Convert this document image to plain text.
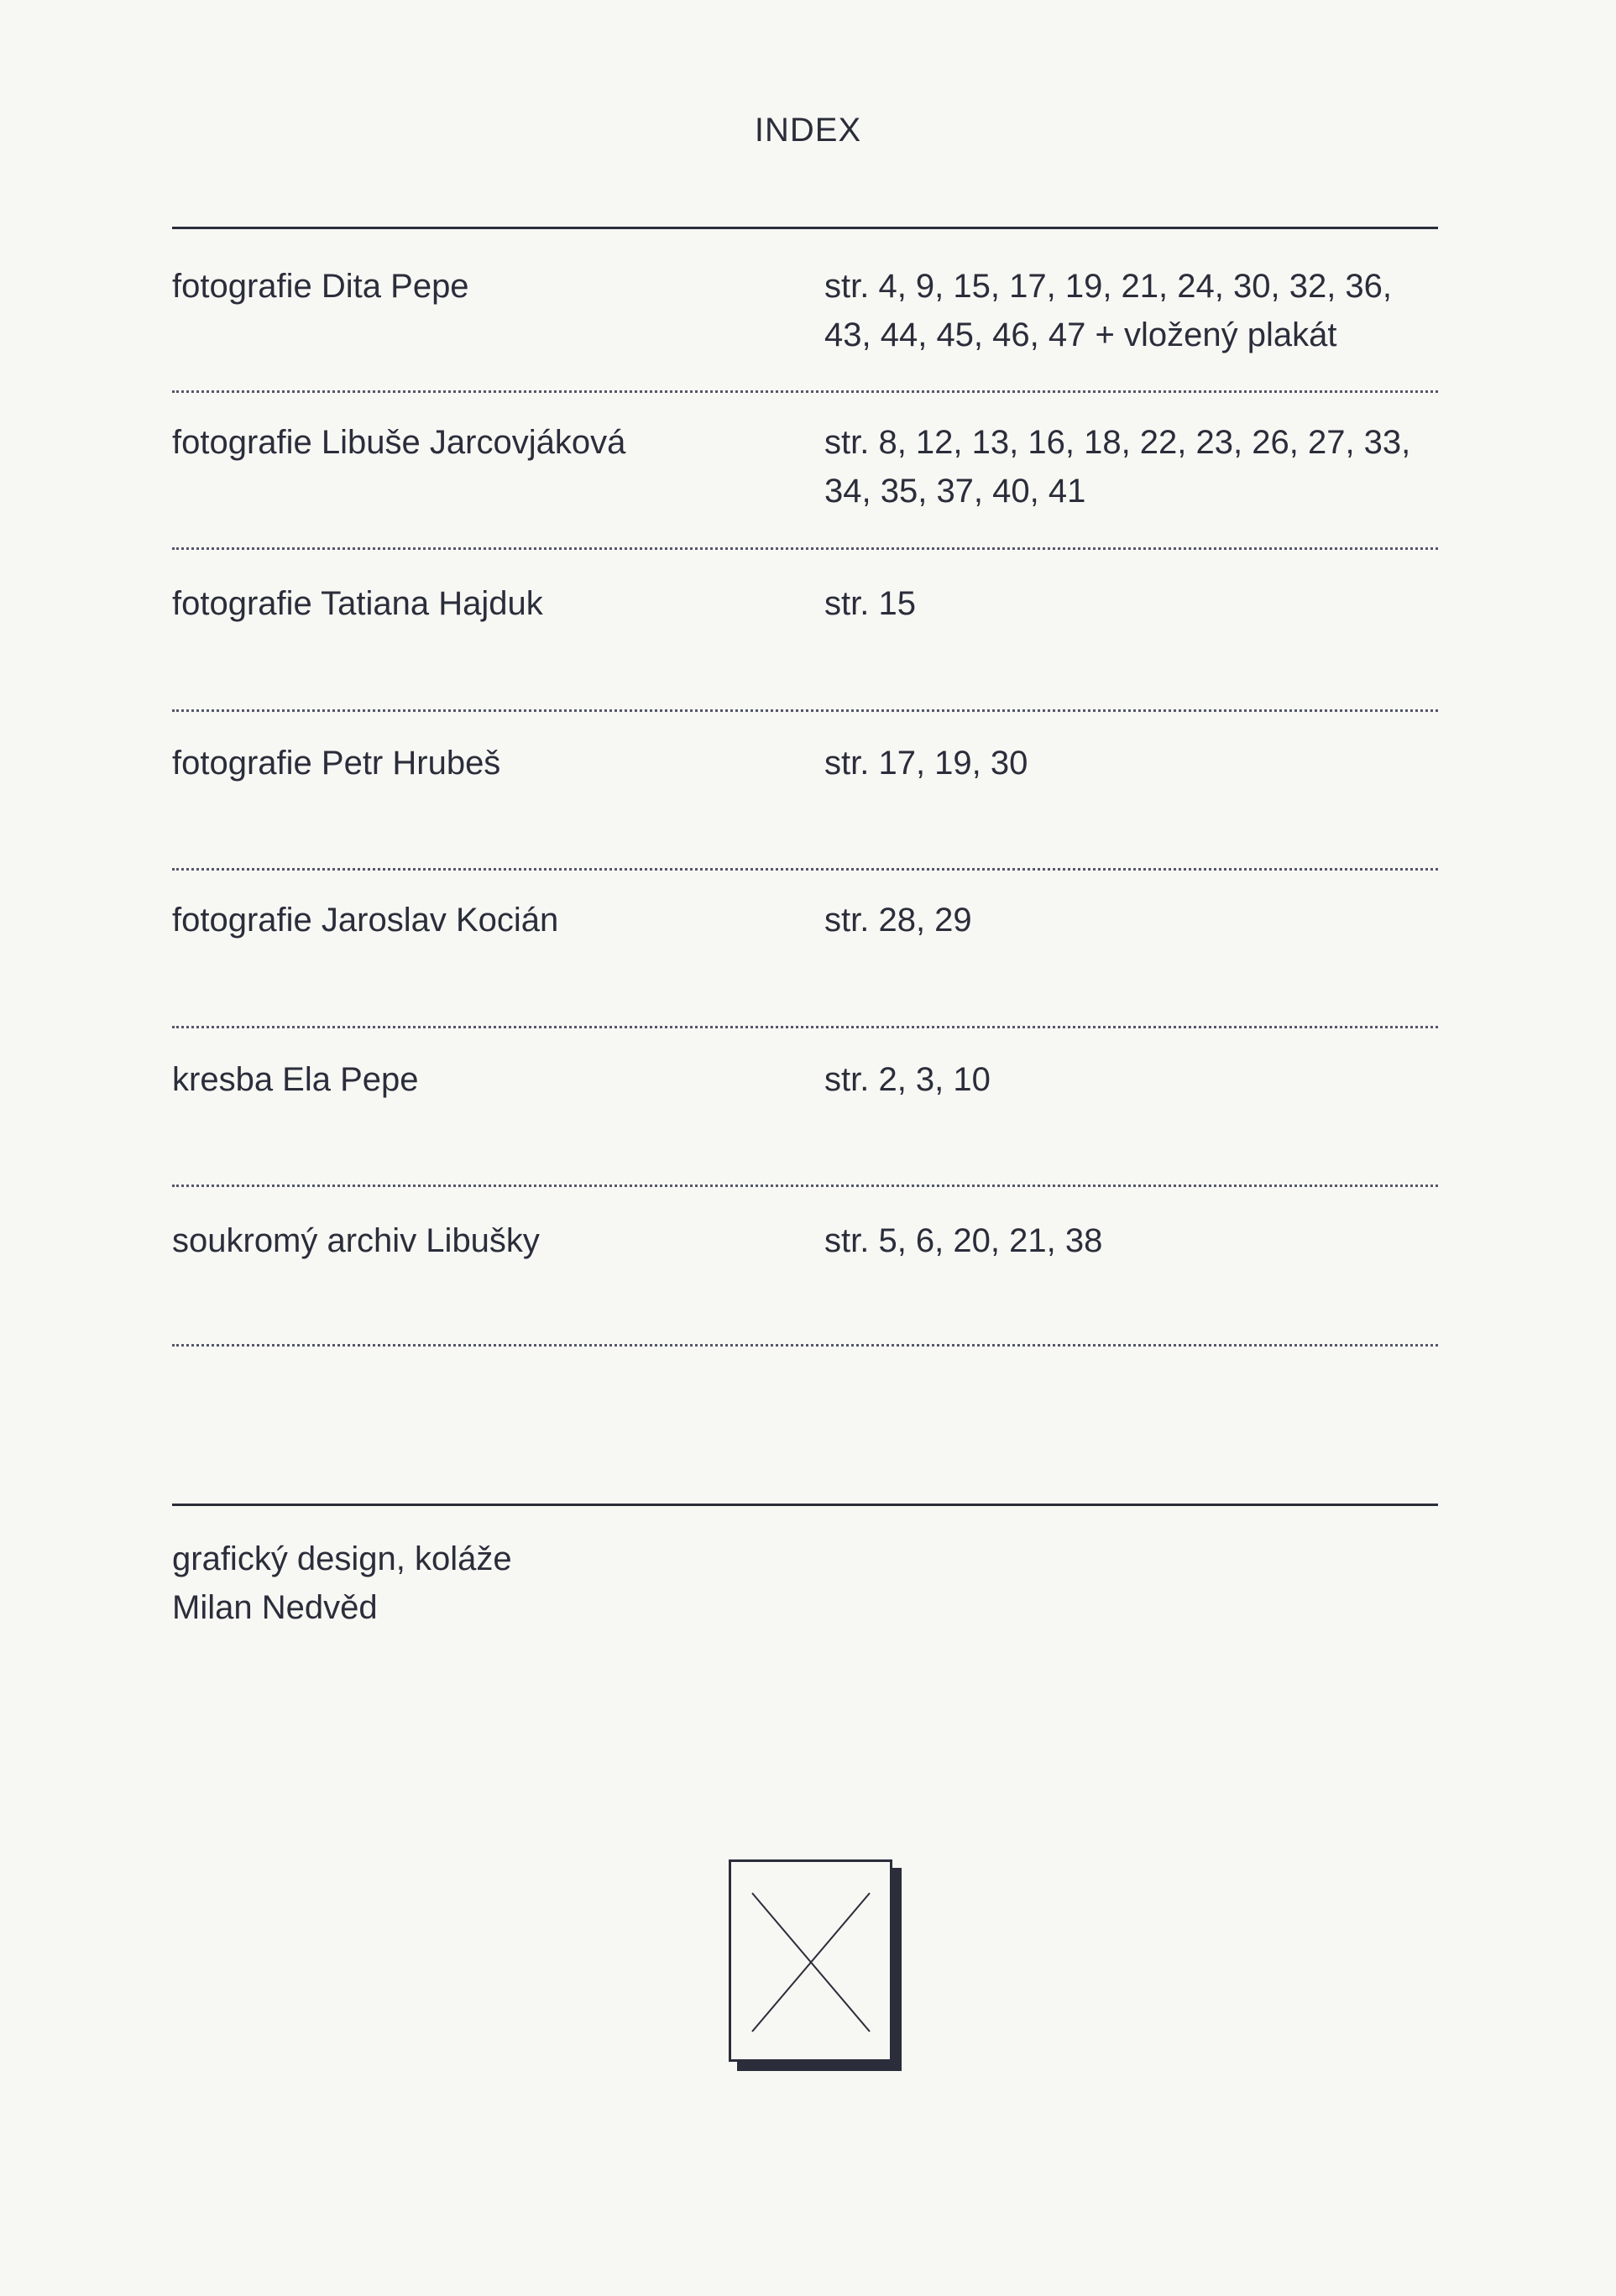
INDEX
fotografie Dita Pepe	str. 4, 9, 15, 17, 19, 21, 24, 30, 32, 36, 43, 44, 45, 46, 47 + vložený plakát
fotografie Libuše Jarcovjáková	str. 8, 12, 13, 16, 18, 22, 23, 26, 27, 33, 34, 35, 37, 40, 41
fotografie Tatiana Hajduk	str. 15
fotografie Petr Hrubeš	str. 17, 19, 30
fotografie Jaroslav Kocián	str. 28, 29
kresba Ela Pepe	str. 2, 3, 10
soukromý archiv Libušky	str. 5, 6, 20, 21, 38
grafický design, koláže
Milan Nedvěd
